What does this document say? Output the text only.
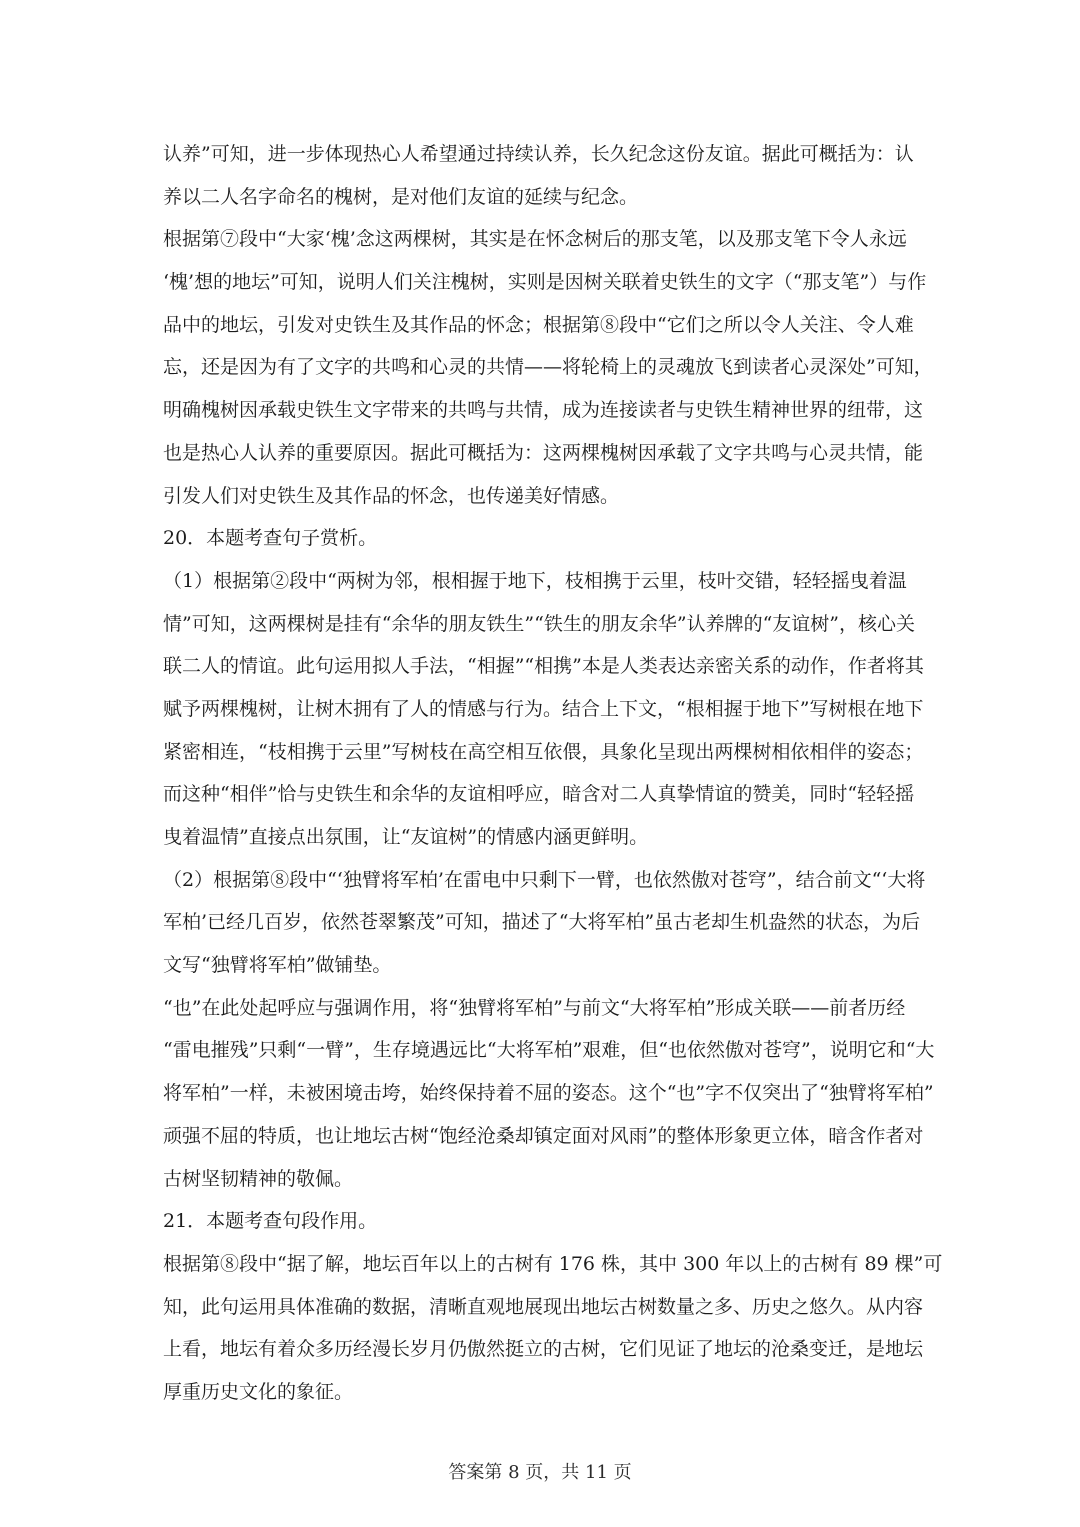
认养”可知，进一步体现热心人希望通过持续认养，长久纪念这份友谊。据此可概括为：认
养以二人名字命名的槐树，是对他们友谊的延续与纪念。
根据第⑦段中“大家‘槐’念这两棵树，其实是在怀念树后的那支笔，以及那支笔下令人永远
‘槐’想的地坛”可知，说明人们关注槐树，实则是因树关联着史铁生的文字（“那支笔”）与作
品中的地坛，引发对史铁生及其作品的怀念；根据第⑧段中“它们之所以令人关注、令人难
忘，还是因为有了文字的共鸣和心灵的共情——将轮椅上的灵魂放飞到读者心灵深处”可知，
明确槐树因承载史铁生文字带来的共鸣与共情，成为连接读者与史铁生精神世界的纽带，这
也是热心人认养的重要原因。据此可概括为：这两棵槐树因承载了文字共鸣与心灵共情，能
引发人们对史铁生及其作品的怀念，也传递美好情感。
20．本题考查句子赏析。
（1）根据第②段中“两树为邻，根相握于地下，枝相携于云里，枝叶交错，轻轻摇曳着温
情”可知，这两棵树是挂有“余华的朋友铁生”“铁生的朋友余华”认养牌的“友谊树”，核心关
联二人的情谊。此句运用拟人手法，“相握”“相携”本是人类表达亲密关系的动作，作者将其
赋予两棵槐树，让树木拥有了人的情感与行为。结合上下文，“根相握于地下”写树根在地下
紧密相连，“枝相携于云里”写树枝在高空相互依偎，具象化呈现出两棵树相依相伴的姿态；
而这种“相伴”恰与史铁生和余华的友谊相呼应，暗含对二人真挚情谊的赞美，同时“轻轻摇
曳着温情”直接点出氛围，让“友谊树”的情感内涵更鲜明。
（2）根据第⑧段中“‘独臂将军柏’在雷电中只剩下一臂，也依然傲对苍穹”，结合前文“‘大将
军柏’已经几百岁，依然苍翠繁茂”可知，描述了“大将军柏”虽古老却生机盎然的状态，为后
文写“独臂将军柏”做铺垫。
“也”在此处起呼应与强调作用，将“独臂将军柏”与前文“大将军柏”形成关联——前者历经
“雷电摧残”只剩“一臂”，生存境遇远比“大将军柏”艰难，但“也依然傲对苍穹”，说明它和“大
将军柏”一样，未被困境击垮，始终保持着不屈的姿态。这个“也”字不仅突出了“独臂将军柏”
顽强不屈的特质，也让地坛古树“饱经沧桑却镇定面对风雨”的整体形象更立体，暗含作者对
古树坚韧精神的敬佩。
21．本题考查句段作用。
根据第⑧段中“据了解，地坛百年以上的古树有 176 株，其中 300 年以上的古树有 89 棵”可
知，此句运用具体准确的数据，清晰直观地展现出地坛古树数量之多、历史之悠久。从内容
上看，地坛有着众多历经漫长岁月仍傲然挺立的古树，它们见证了地坛的沧桑变迁，是地坛
厚重历史文化的象征。
答案第 8 页，共 11 页
